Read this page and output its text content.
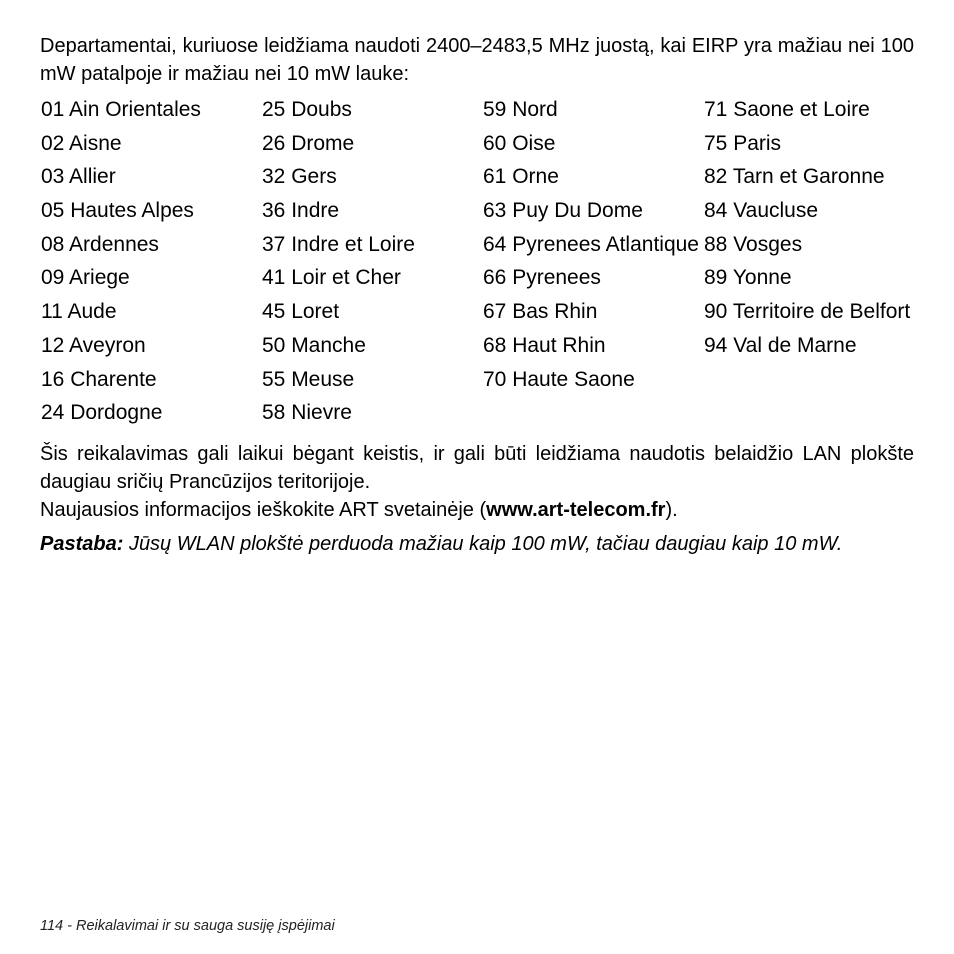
Departamentai, kuriuose leidžiama naudoti 2400–2483,5 MHz juostą, kai EIRP yra mažiau nei 100 mW patalpoje ir mažiau nei 10 mW lauke:

01 Ain Orientales
02 Aisne
03 Allier
05 Hautes Alpes
08 Ardennes
09 Ariege
11 Aude
12 Aveyron
16 Charente
24 Dordogne
25 Doubs
26 Drome
32 Gers
36 Indre
37 Indre et Loire
41 Loir et Cher
45 Loret
50 Manche
55 Meuse
58 Nievre
59 Nord
60 Oise
61 Orne
63 Puy Du Dome
64 Pyrenees Atlantique
66 Pyrenees
67 Bas Rhin
68 Haut Rhin
70 Haute Saone
71 Saone et Loire
75 Paris
82 Tarn et Garonne
84 Vaucluse
88 Vosges
89 Yonne
90 Territoire de Belfort
94 Val de Marne

Šis reikalavimas gali laikui bėgant keistis, ir gali būti leidžiama naudotis belaidžio LAN plokšte daugiau sričių Prancūzijos teritorijoje.

Naujausios informacijos ieškokite ART svetainėje (www.art-telecom.fr).

Pastaba: Jūsų WLAN plokštė perduoda mažiau kaip 100 mW, tačiau daugiau kaip 10 mW.

114 - Reikalavimai ir su sauga susiję įspėjimai
